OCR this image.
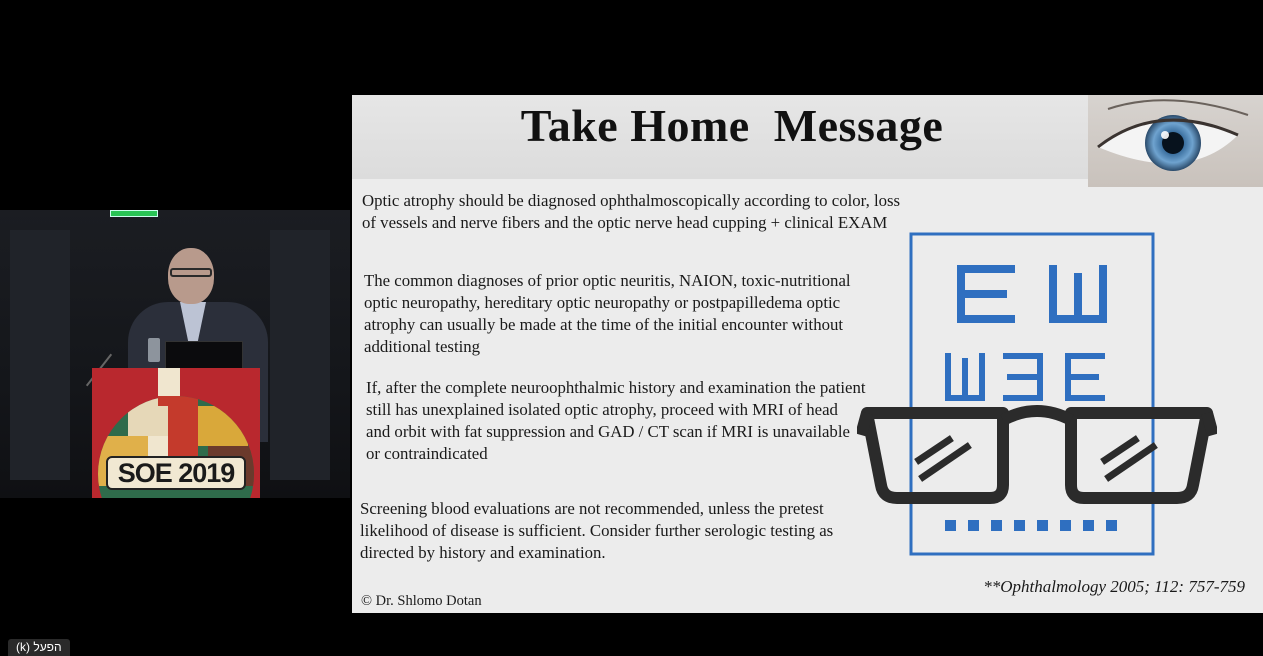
SOE 2019
Take Home  Message
Optic atrophy should be diagnosed ophthalmoscopically according to color, loss of vessels and nerve fibers and the optic nerve head cupping + clinical EXAM
The common diagnoses of prior optic neuritis, NAION, toxic-nutritional optic neuropathy, hereditary optic neuropathy or postpapilledema optic atrophy can usually be made at the time of the initial encounter without additional testing
If, after the complete neuroophthalmic history and examination the patient still has unexplained isolated optic atrophy, proceed with MRI of head and orbit with fat suppression and GAD / CT scan if MRI is unavailable or contraindicated
Screening blood evaluations are not recommended, unless the pretest likelihood of disease is sufficient. Consider further serologic testing as directed by history and examination.
**Ophthalmology 2005; 112: 757-759
© Dr. Shlomo Dotan
הפעל (k)
